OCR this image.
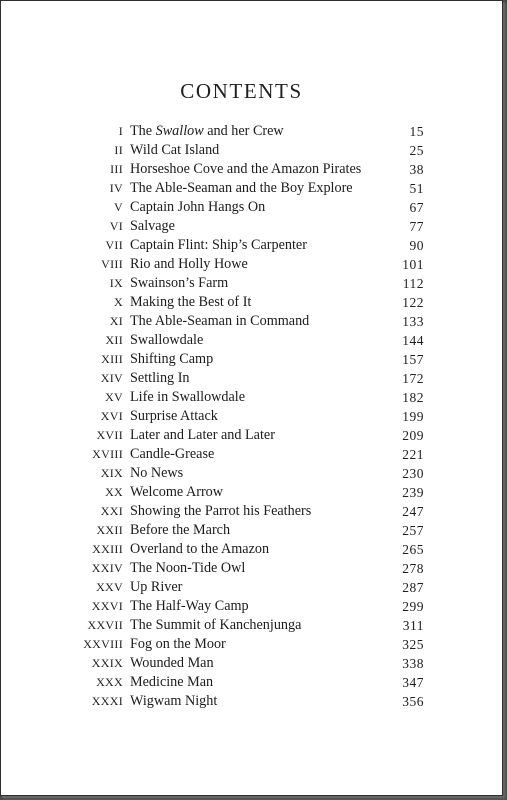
CONTENTS
I The Swallow and her Crew	15
II Wild Cat Island	25
III Horseshoe Cove and the Amazon Pirates	38
IV The Able-Seaman and the Boy Explore	51
V Captain John Hangs On	67
VI Salvage	77
VII Captain Flint: Ship’s Carpenter	90
VIII Rio and Holly Howe	101
IX Swainson’s Farm	112
X Making the Best of It	122
XI The Able-Seaman in Command	133
XII Swallowdale	144
XIII Shifting Camp	157
XIV Settling In	172
XV Life in Swallowdale	182
XVI Surprise Attack	199
XVII Later and Later and Later	209
XVIII Candle-Grease	221
XIX No News	230
XX Welcome Arrow	239
XXI Showing the Parrot his Feathers	247
XXII Before the March	257
XXIII Overland to the Amazon	265
XXIV The Noon-Tide Owl	278
XXV Up River	287
XXVI The Half-Way Camp	299
XXVII The Summit of Kanchenjunga	311
XXVIII Fog on the Moor	325
XXIX Wounded Man	338
XXX Medicine Man	347
XXXI Wigwam Night	356
